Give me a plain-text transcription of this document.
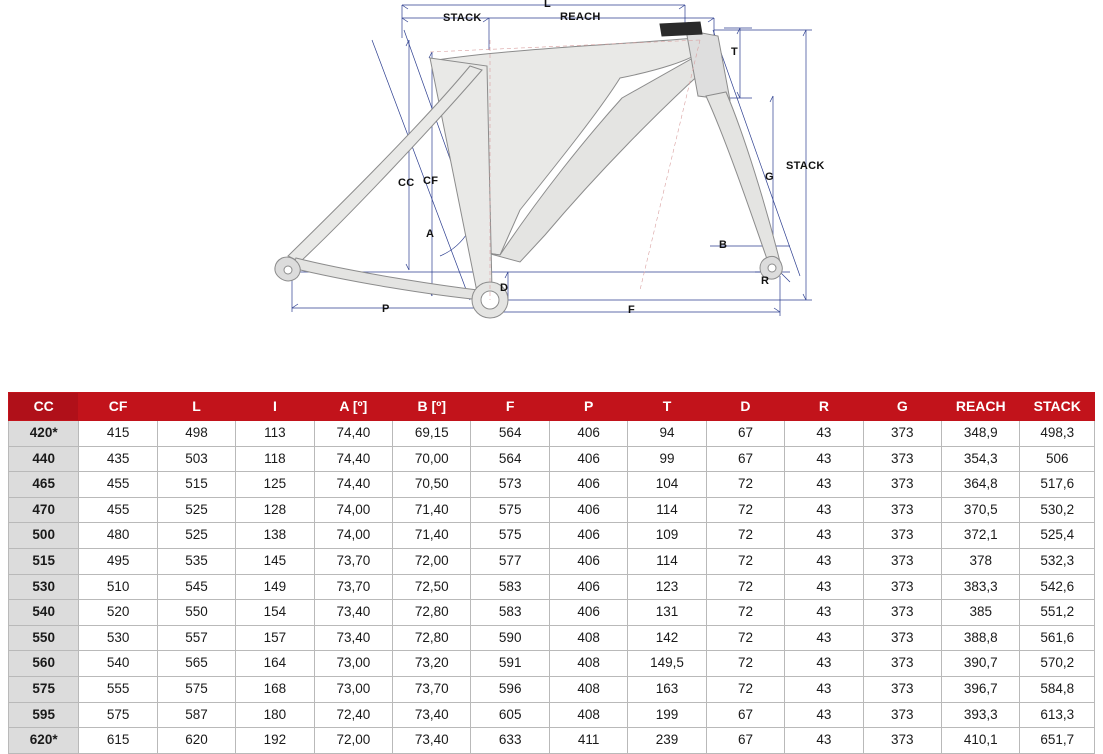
L
STACK	REACH
T
STACK
G
CC CF
A
B
R
D
P	F
CC	CF	L	I	A [º]	B [º]	F	P	T	D	R	G	REACH	STACK
420*	415	498	113	74,40	69,15	564	406	94	67	43	373	348,9	498,3
440	435	503	118	74,40	70,00	564	406	99	67	43	373	354,3	506
465	455	515	125	74,40	70,50	573	406	104	72	43	373	364,8	517,6
470	455	525	128	74,00	71,40	575	406	114	72	43	373	370,5	530,2
500	480	525	138	74,00	71,40	575	406	109	72	43	373	372,1	525,4
515	495	535	145	73,70	72,00	577	406	114	72	43	373	378	532,3
530	510	545	149	73,70	72,50	583	406	123	72	43	373	383,3	542,6
540	520	550	154	73,40	72,80	583	406	131	72	43	373	385	551,2
550	530	557	157	73,40	72,80	590	408	142	72	43	373	388,8	561,6
560	540	565	164	73,00	73,20	591	408	149,5	72	43	373	390,7	570,2
575	555	575	168	73,00	73,70	596	408	163	72	43	373	396,7	584,8
595	575	587	180	72,40	73,40	605	408	199	67	43	373	393,3	613,3
620*	615	620	192	72,00	73,40	633	411	239	67	43	373	410,1	651,7
